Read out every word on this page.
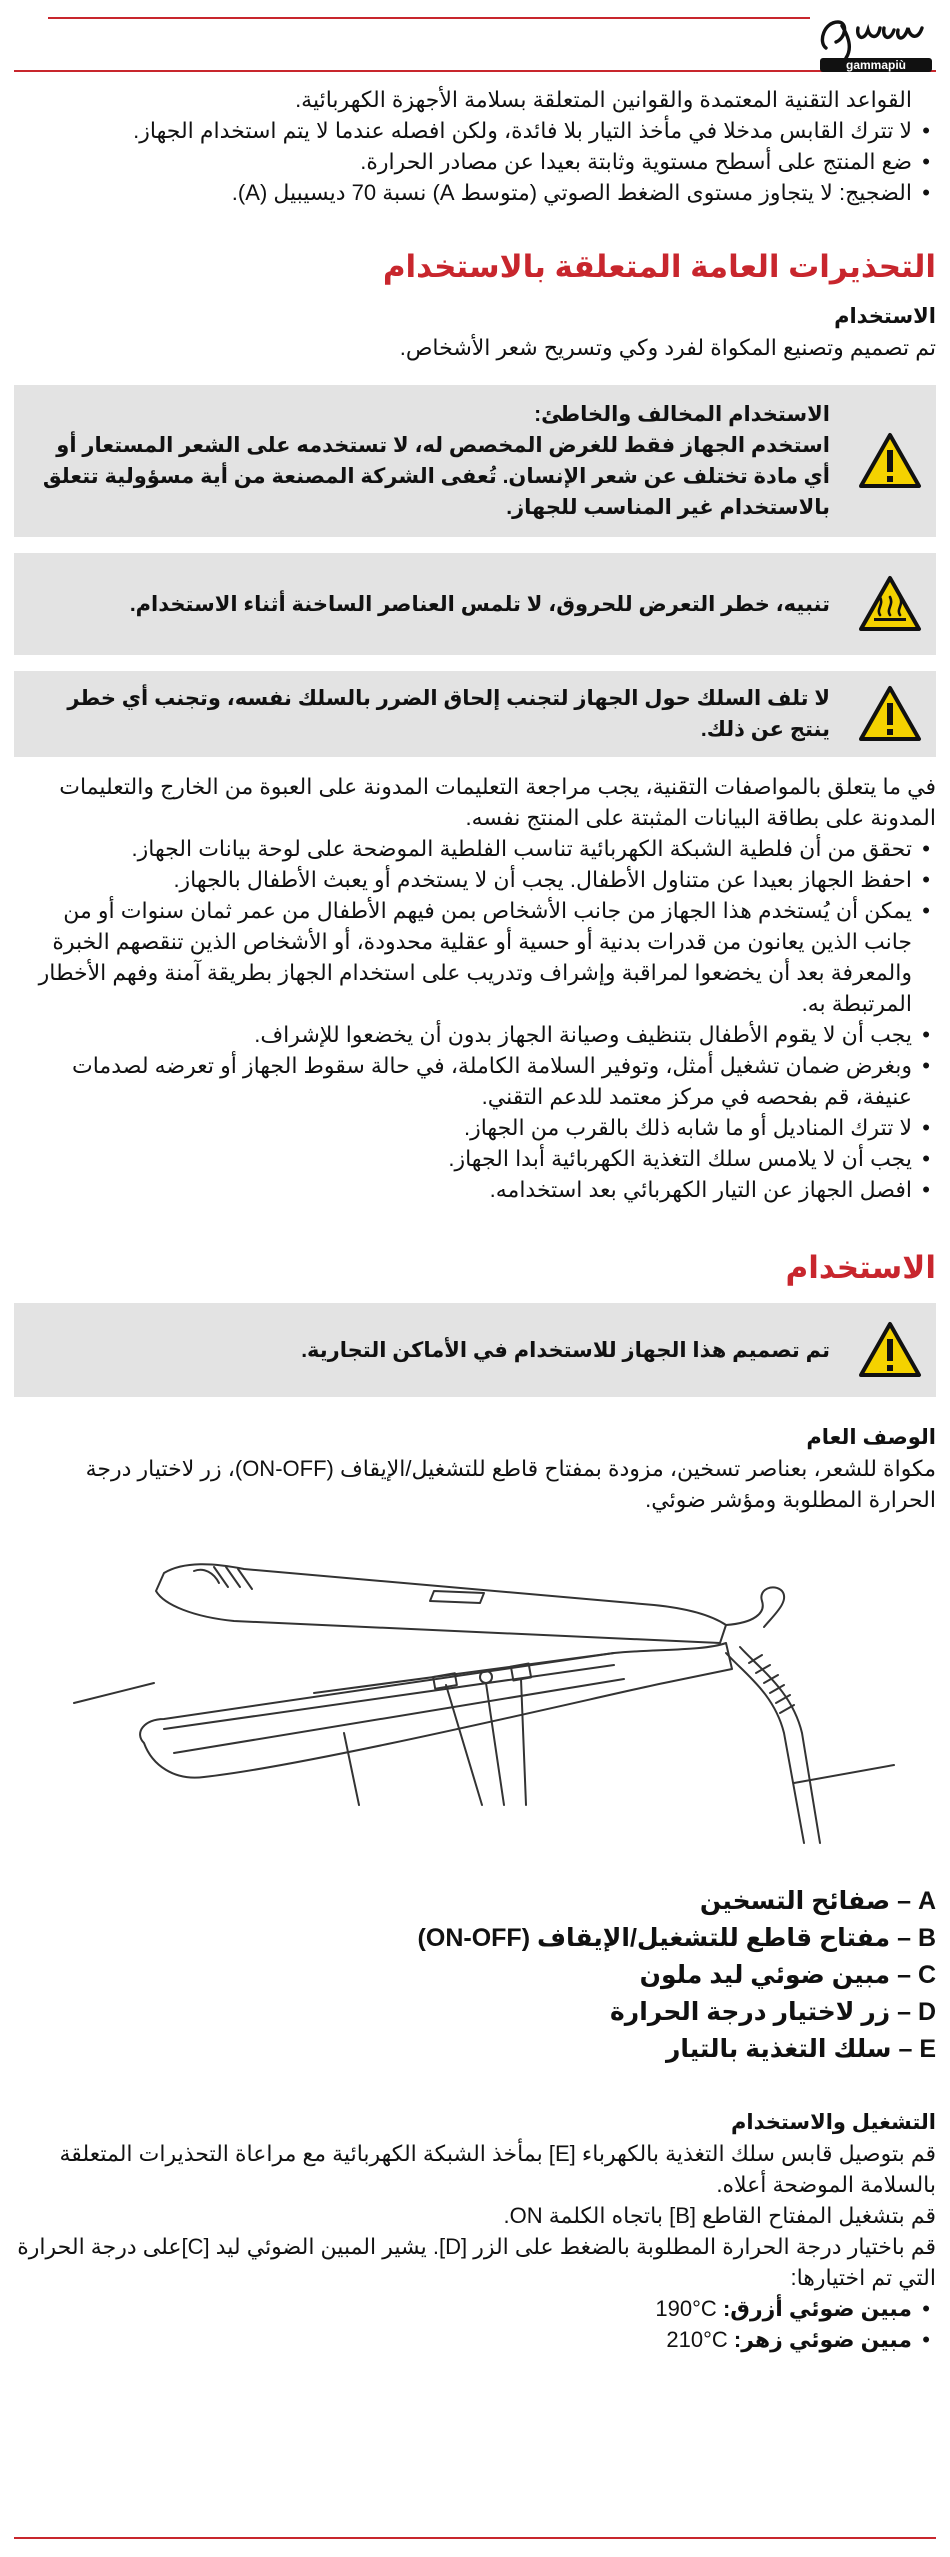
gammapiù
القواعد التقنية المعتمدة والقوانين المتعلقة بسلامة الأجهزة الكهربائية.
• لا تترك القابس مدخلا في مأخذ التيار بلا فائدة، ولكن افصله عندما لا يتم استخدام الجهاز.
• ضع المنتج على أسطح مستوية وثابتة بعيدا عن مصادر الحرارة.
• الضجيج: لا يتجاوز مستوى الضغط الصوتي (متوسط A) نسبة 70 ديسيبيل (A).
التحذيرات العامة المتعلقة بالاستخدام
الاستخدام

تم تصميم وتصنيع المكواة لفرد وكي وتسريح شعر الأشخاص.

الاستخدام المخالف والخاطئ:
استخدم الجهاز فقط للغرض المخصص له، لا تستخدمه على الشعر المستعار أو أي مادة تختلف عن شعر الإنسان. تُعفى الشركة المصنعة من أية مسؤولية تتعلق بالاستخدام غير المناسب للجهاز.
تنبيه، خطر التعرض للحروق، لا تلمس العناصر الساخنة أثناء الاستخدام.
لا تلف السلك حول الجهاز لتجنب إلحاق الضرر بالسلك نفسه، وتجنب أي خطر ينتج عن ذلك.

في ما يتعلق بالمواصفات التقنية، يجب مراجعة التعليمات المدونة على العبوة من الخارج والتعليمات المدونة على بطاقة البيانات المثبتة على المنتج نفسه.

• تحقق من أن فلطية الشبكة الكهربائية تناسب الفلطية الموضحة على لوحة بيانات الجهاز.
• احفظ الجهاز بعيدا عن متناول الأطفال. يجب أن لا يستخدم أو يعبث الأطفال بالجهاز.
• يمكن أن يُستخدم هذا الجهاز من جانب الأشخاص بمن فيهم الأطفال من عمر ثمان سنوات أو من جانب الذين يعانون من قدرات بدنية أو حسية أو عقلية محدودة، أو الأشخاص الذين تنقصهم الخبرة والمعرفة بعد أن يخضعوا لمراقبة وإشراف وتدريب على استخدام الجهاز بطريقة آمنة وفهم الأخطار المرتبطة به.
• يجب أن لا يقوم الأطفال بتنظيف وصيانة الجهاز بدون أن يخضعوا للإشراف.
• وبغرض ضمان تشغيل أمثل، وتوفير السلامة الكاملة، في حالة سقوط الجهاز أو تعرضه لصدمات عنيفة، قم بفحصه في مركز معتمد للدعم التقني.
• لا تترك المناديل أو ما شابه ذلك بالقرب من الجهاز.
• يجب أن لا يلامس سلك التغذية الكهربائية أبدا الجهاز.
• افصل الجهاز عن التيار الكهربائي بعد استخدامه.
الاستخدام
تم تصميم هذا الجهاز للاستخدام في الأماكن التجارية.
الوصف العام

مكواة للشعر، بعناصر تسخين، مزودة بمفتاح قاطع للتشغيل/الإيقاف (ON-OFF)، زر لاختيار درجة الحرارة المطلوبة ومؤشر ضوئي.

A – صفائح التسخين
B – مفتاح قاطع للتشغيل/الإيقاف (ON-OFF)
C – مبين ضوئي ليد ملون
D – زر لاختيار درجة الحرارة
E – سلك التغذية بالتيار
التشغيل والاستخدام

قم بتوصيل قابس سلك التغذية بالكهرباء [E] بمأخذ الشبكة الكهربائية مع مراعاة التحذيرات المتعلقة بالسلامة الموضحة أعلاه.

قم بتشغيل المفتاح القاطع [B] باتجاه الكلمة ON.

قم باختيار درجة الحرارة المطلوبة بالضغط على الزر [D]. يشير المبين الضوئي ليد [C]على درجة الحرارة التي تم اختيارها:

• مبين ضوئي أزرق: 190°C
• مبين ضوئي زهر: 210°C
